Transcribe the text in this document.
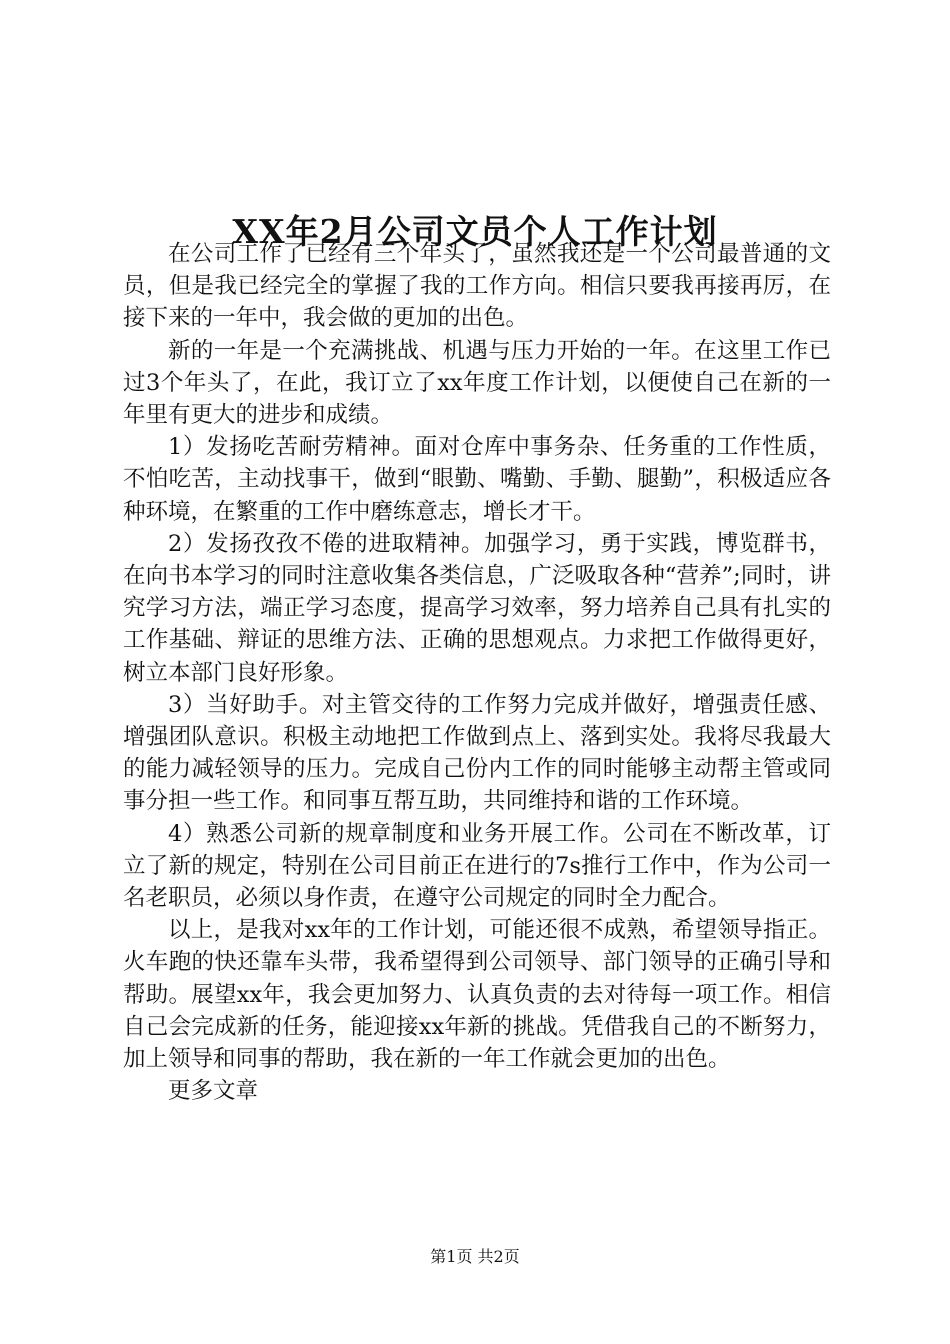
XX年2月公司文员个人工作计划

在公司工作了已经有三个年头了，虽然我还是一个公司最普通的文员，但是我已经完全的掌握了我的工作方向。相信只要我再接再厉，在接下来的一年中，我会做的更加的出色。

新的一年是一个充满挑战、机遇与压力开始的一年。在这里工作已过3个年头了，在此，我订立了xx年度工作计划，以便使自己在新的一年里有更大的进步和成绩。

1）发扬吃苦耐劳精神。面对仓库中事务杂、任务重的工作性质，不怕吃苦，主动找事干，做到“眼勤、嘴勤、手勤、腿勤”，积极适应各种环境，在繁重的工作中磨练意志，增长才干。

2）发扬孜孜不倦的进取精神。加强学习，勇于实践，博览群书，在向书本学习的同时注意收集各类信息，广泛吸取各种“营养”;同时，讲究学习方法，端正学习态度，提高学习效率，努力培养自己具有扎实的工作基础、辩证的思维方法、正确的思想观点。力求把工作做得更好，树立本部门良好形象。

3）当好助手。对主管交待的工作努力完成并做好，增强责任感、增强团队意识。积极主动地把工作做到点上、落到实处。我将尽我最大的能力减轻领导的压力。完成自己份内工作的同时能够主动帮主管或同事分担一些工作。和同事互帮互助，共同维持和谐的工作环境。

4）熟悉公司新的规章制度和业务开展工作。公司在不断改革，订立了新的规定，特别在公司目前正在进行的7s推行工作中，作为公司一名老职员，必须以身作责，在遵守公司规定的同时全力配合。

以上，是我对xx年的工作计划，可能还很不成熟，希望领导指正。火车跑的快还靠车头带，我希望得到公司领导、部门领导的正确引导和帮助。展望xx年，我会更加努力、认真负责的去对待每一项工作。相信自己会完成新的任务，能迎接xx年新的挑战。凭借我自己的不断努力，加上领导和同事的帮助，我在新的一年工作就会更加的出色。

更多文章

第1页 共2页
